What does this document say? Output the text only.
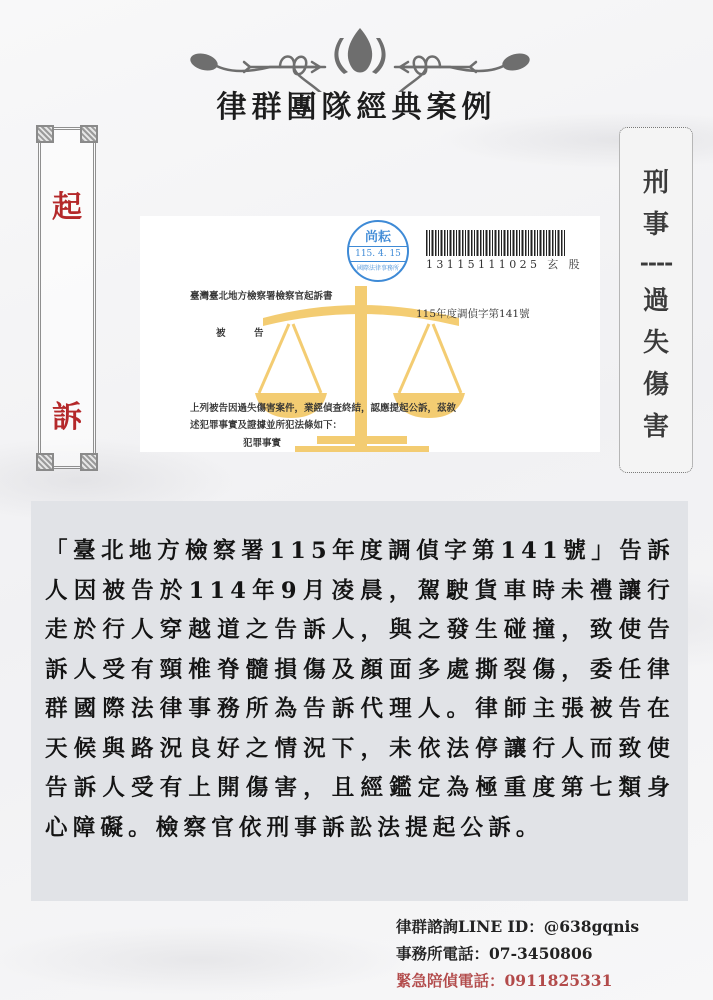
律群團隊經典案例
起
訴
刑
事
----
過
失
傷
害
尚耘
115. 4. 15
國際法律事務所	13115111025 玄 股
臺灣臺北地方檢察署檢察官起訴書
115年度調偵字第141號
被　　　告
上列被告因過失傷害案件，業經偵查終結，認應提起公訴，茲敘
述犯罪事實及證據並所犯法條如下：
犯罪事實
「臺北地方檢察署115年度調偵字第141號」告訴人因被告於114年9月凌晨，駕駛貨車時未禮讓行走於行人穿越道之告訴人，與之發生碰撞，致使告訴人受有頸椎脊髓損傷及顏面多處撕裂傷，委任律群國際法律事務所為告訴代理人。律師主張被告在天候與路況良好之情況下，未依法停讓行人而致使告訴人受有上開傷害，且經鑑定為極重度第七類身心障礙。檢察官依刑事訴訟法提起公訴。
律群諮詢LINE ID：@638gqnis
事務所電話：07-3450806
緊急陪偵電話：0911825331
